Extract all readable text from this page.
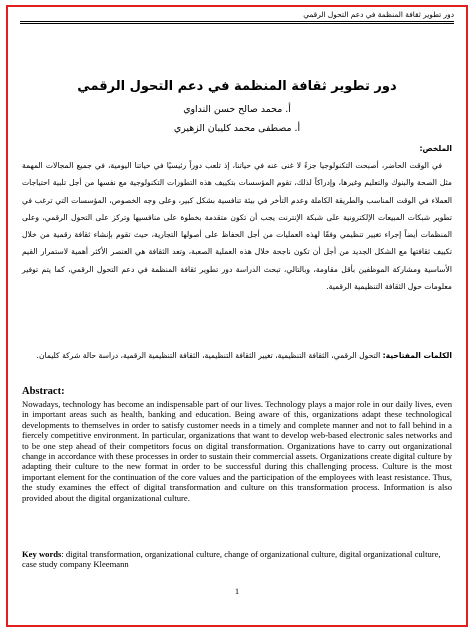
دور تطوير ثقافة المنظمة في دعم التحول الرقمي
دور تطوير ثقافة المنظمة في دعم التحول الرقمي
أ. محمد صالح حسن النداوي
أ. مصطفى محمد كليبان الزهيري
الملخص:
في الوقت الحاضر، أصبحت التكنولوجيا جزءً لا غنى عنه في حياتنا، إذ تلعب دوراً رئيسيًا في حياتنا اليومية، في جميع المجالات المهمة مثل الصحة والبنوك والتعليم وغيرها، وإدراكاً لذلك، تقوم المؤسسات بتكييف هذه التطورات التكنولوجية مع نفسها من أجل تلبية احتياجات العملاء في الوقت المناسب والطريقة الكاملة وعدم التأخر في بيئة تنافسية بشكل كبير، وعلى وجه الخصوص، المؤسسات التي ترغب في تطوير شبكات المبيعات الإلكترونية على شبكة الإنترنت يجب أن تكون متقدمة بخطوة على منافسيها وتركز على التحول الرقمي، وعلى المنظمات أيضاً إجراء تغيير تنظيمي وفقًا لهذه العمليات من أجل الحفاظ على أصولها التجارية، حيث تقوم بإنشاء ثقافة رقمية من خلال تكييف ثقافتها مع الشكل الجديد من أجل أن تكون ناجحة خلال هذه العملية الصعبة، وتعد الثقافة هي العنصر الأكثر أهمية لاستمرار القيم الأساسية ومشاركة الموظفين بأقل مقاومة، وبالتالي، تبحث الدراسة دور تطوير ثقافة المنظمة في دعم التحول الرقمي، كما يتم توفير معلومات حول الثقافة التنظيمية الرقمية.
الكلمات المفتاحية: التحول الرقمي، الثقافة التنظيمية، تغيير الثقافة التنظيمية، الثقافة التنظيمية الرقمية، دراسة حالة شركة كليمان.
Abstract:
Nowadays, technology has become an indispensable part of our lives. Technology plays a major role in our daily lives, even in important areas such as health, banking and education. Being aware of this, organizations adapt these technological developments to themselves in order to satisfy customer needs in a timely and complete manner and not to fall behind in a fiercely competitive environment. In particular, organizations that want to develop web-based electronic sales networks and to be one step ahead of their competitors focus on digital transformation. Organizations have to carry out organizational change in accordance with these processes in order to sustain their commercial assets. Organizations create digital culture by adapting their culture to the new format in order to be successful during this challenging process. Culture is the most important element for the continuation of the core values and the participation of the employees with least resistance. Thus, the study examines the effect of digital transformation and culture on this transformation process. Information is also provided about the digital organizational culture.
Key words: digital transformation, organizational culture, change of organizational culture, digital organizational culture, case study company Kleemann
1
